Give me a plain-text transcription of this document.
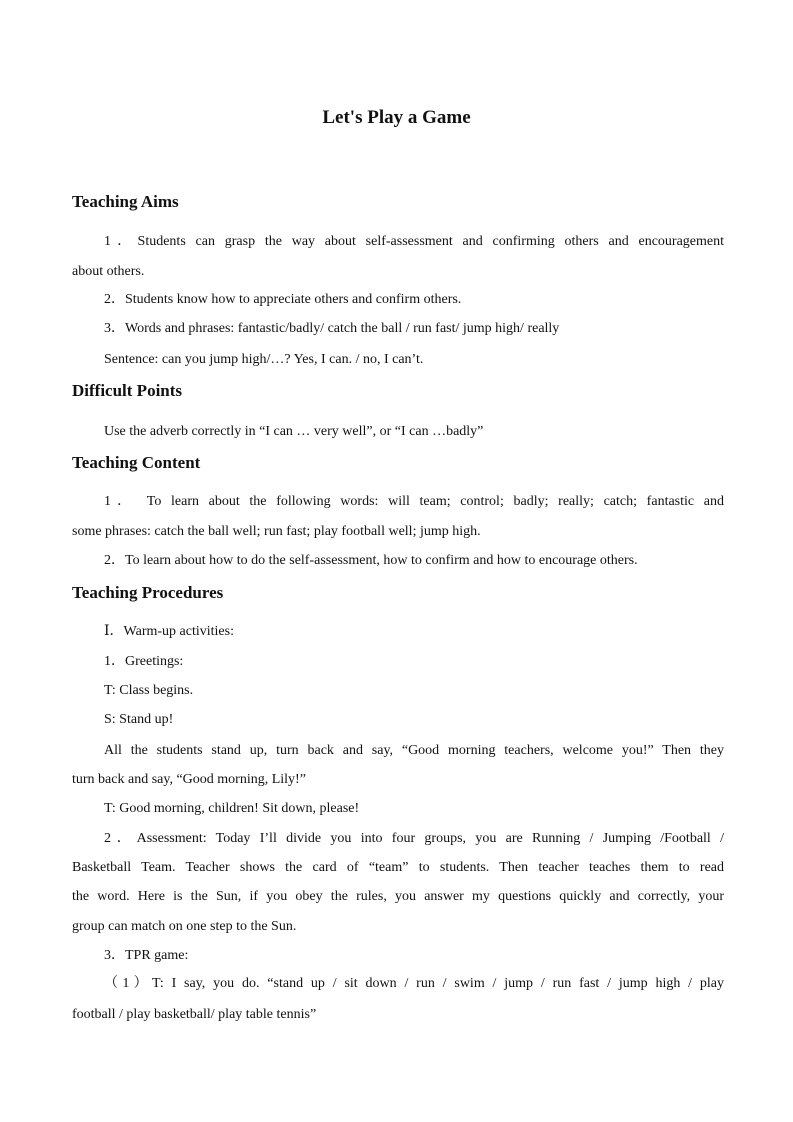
Let's Play a Game
Teaching Aims
1．Students can grasp the way about self-assessment and confirming others and encouragement
about others.
2．Students know how to appreciate others and confirm others.
3．Words and phrases: fantastic/badly/ catch the ball / run fast/ jump high/ really
Sentence: can you jump high/…? Yes, I can. / no, I can’t.
Difficult Points
Use the adverb correctly in “I can … very well”, or “I can …badly”
Teaching Content
1． To learn about the following words: will team; control; badly; really; catch; fantastic and
some phrases: catch the ball well; run fast; play football well; jump high.
2．To learn about how to do the self-assessment, how to confirm and how to encourage others.
Teaching Procedures
Ⅰ．Warm-up activities:
1．Greetings:
T: Class begins.
S: Stand up!
All the students stand up, turn back and say, “Good morning teachers, welcome you!” Then they
turn back and say, “Good morning, Lily!”
T: Good morning, children! Sit down, please!
2．Assessment: Today I’ll divide you into four groups, you are Running / Jumping /Football /
Basketball Team. Teacher shows the card of “team” to students. Then teacher teaches them to read
the word. Here is the Sun, if you obey the rules, you answer my questions quickly and correctly, your
group can match on one step to the Sun.
3．TPR game:
（1）T: I say, you do. “stand up / sit down / run / swim / jump / run fast / jump high / play
football / play basketball/ play table tennis”
